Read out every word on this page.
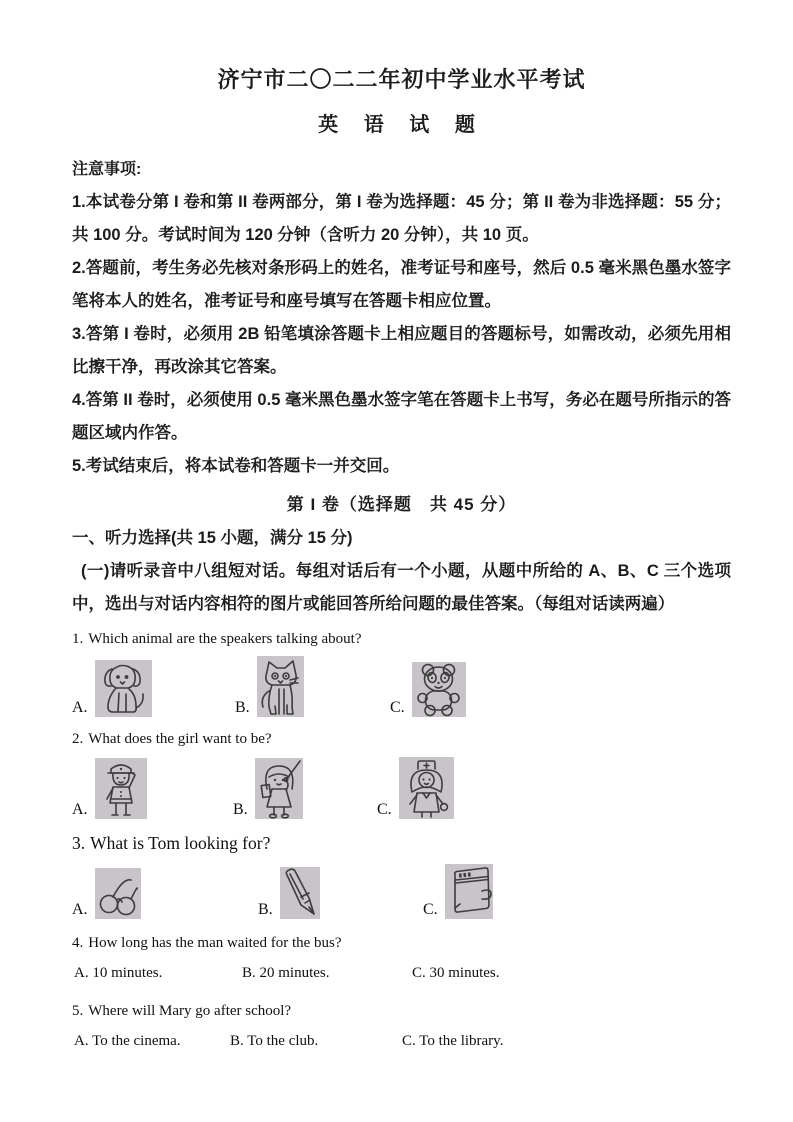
济宁市二〇二二年初中学业水平考试
英 语 试 题

注意事项:

1.本试卷分第 I 卷和第 II 卷两部分，第 I 卷为选择题：45 分；第 II 卷为非选择题：55 分；共 100 分。考试时间为 120 分钟（含听力 20 分钟），共 10 页。

2.答题前，考生务必先核对条形码上的姓名，准考证号和座号，然后 0.5 毫米黑色墨水签字笔将本人的姓名，准考证号和座号填写在答题卡相应位置。

3.答第 I 卷时，必须用 2B 铅笔填涂答题卡上相应题目的答题标号，如需改动，必须先用相比擦干净，再改涂其它答案。

4.答第 II 卷时，必须使用 0.5 毫米黑色墨水签字笔在答题卡上书写，务必在题号所指示的答题区域内作答。

5.考试结束后，将本试卷和答题卡一并交回。

第 I 卷（选择题　共 45 分）

一、听力选择(共 15 小题，满分 15 分)

(一)请听录音中八组短对话。每组对话后有一个小题，从题中所给的 A、B、C 三个选项中，选出与对话内容相符的图片或能回答所给问题的最佳答案。（每组对话读两遍）

1. Which animal are the speakers talking about?

A.	B.	C.

2. What does the girl want to be?

A.	B.	C.

3. What is Tom looking for?

A.	B.	C.

4. How long has the man waited for the bus?

A. 10 minutes.	B. 20 minutes.	C. 30 minutes.

5. Where will Mary go after school?

A. To the cinema.	B. To the club.	C. To the library.
